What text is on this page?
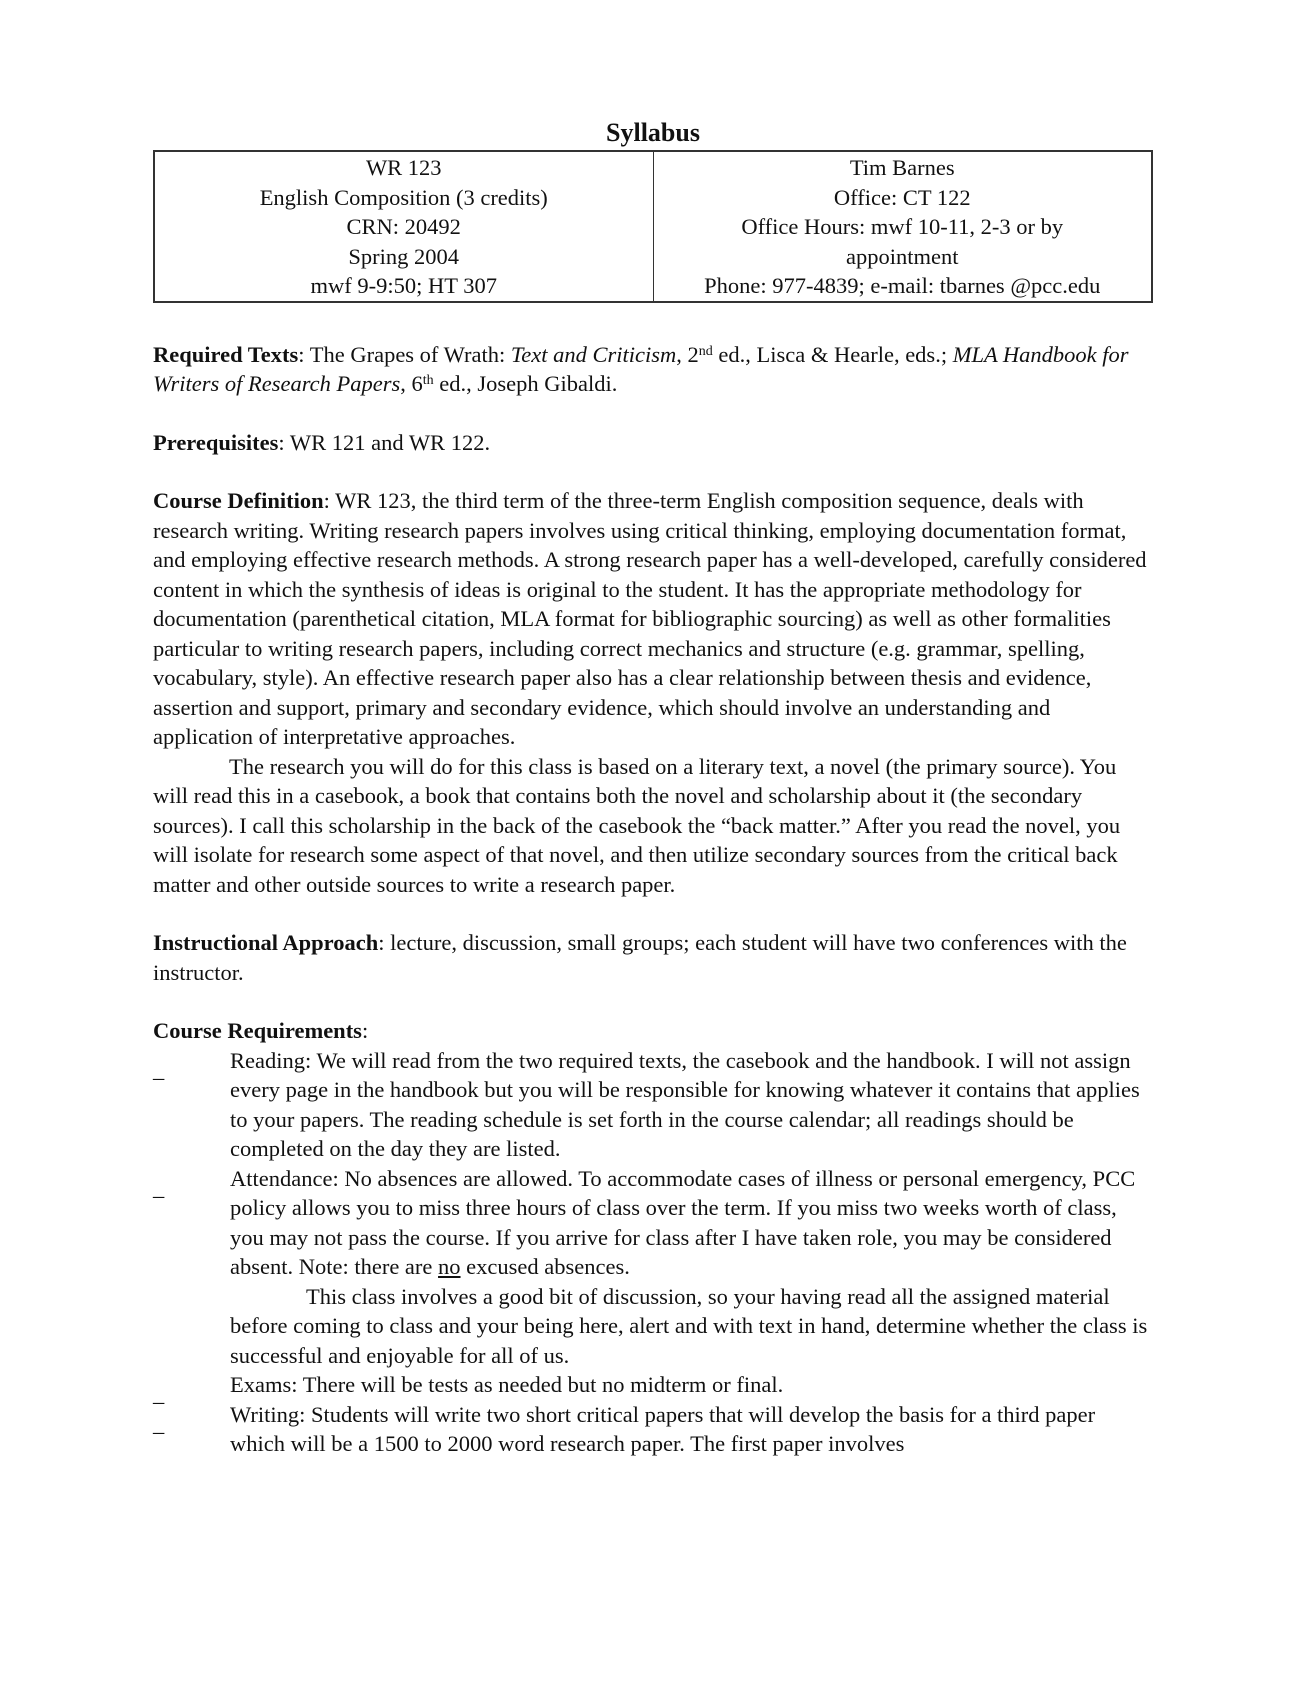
Syllabus
WR 123
English Composition (3 credits)
CRN: 20492
Spring 2004
mwf 9-9:50; HT 307

Tim Barnes
Office: CT 122
Office Hours: mwf 10-11, 2-3 or by
appointment
Phone: 977-4839; e-mail: tbarnes @pcc.edu

Required Texts: The Grapes of Wrath: Text and Criticism, 2nd ed., Lisca & Hearle, eds.; MLA Handbook for Writers of Research Papers, 6th ed., Joseph Gibaldi.

Prerequisites: WR 121 and WR 122.

Course Definition: WR 123, the third term of the three-term English composition sequence, deals with research writing. Writing research papers involves using critical thinking, employing documentation format, and employing effective research methods. A strong research paper has a well-developed, carefully considered content in which the synthesis of ideas is original to the student. It has the appropriate methodology for documentation (parenthetical citation, MLA format for bibliographic sourcing) as well as other formalities particular to writing research papers, including correct mechanics and structure (e.g. grammar, spelling, vocabulary, style). An effective research paper also has a clear relationship between thesis and evidence, assertion and support, primary and secondary evidence, which should involve an understanding and application of interpretative approaches.

The research you will do for this class is based on a literary text, a novel (the primary source). You will read this in a casebook, a book that contains both the novel and scholarship about it (the secondary sources). I call this scholarship in the back of the casebook the “back matter.” After you read the novel, you will isolate for research some aspect of that novel, and then utilize secondary sources from the critical back matter and other outside sources to write a research paper.

Instructional Approach: lecture, discussion, small groups; each student will have two conferences with the instructor.

Course Requirements:

_	Reading: We will read from the two required texts, the casebook and the handbook. I will not assign every page in the handbook but you will be responsible for knowing whatever it contains that applies to your papers. The reading schedule is set forth in the course calendar; all readings should be completed on the day they are listed.
_	Attendance: No absences are allowed. To accommodate cases of illness or personal emergency, PCC policy allows you to miss three hours of class over the term. If you miss two weeks worth of class, you may not pass the course. If you arrive for class after I have taken role, you may be considered absent. Note: there are no excused absences.

This class involves a good bit of discussion, so your having read all the assigned material before coming to class and your being here, alert and with text in hand, determine whether the class is successful and enjoyable for all of us.

_	Exams: There will be tests as needed but no midterm or final.
_	Writing: Students will write two short critical papers that will develop the basis for a third paper which will be a 1500 to 2000 word research paper. The first paper involves
